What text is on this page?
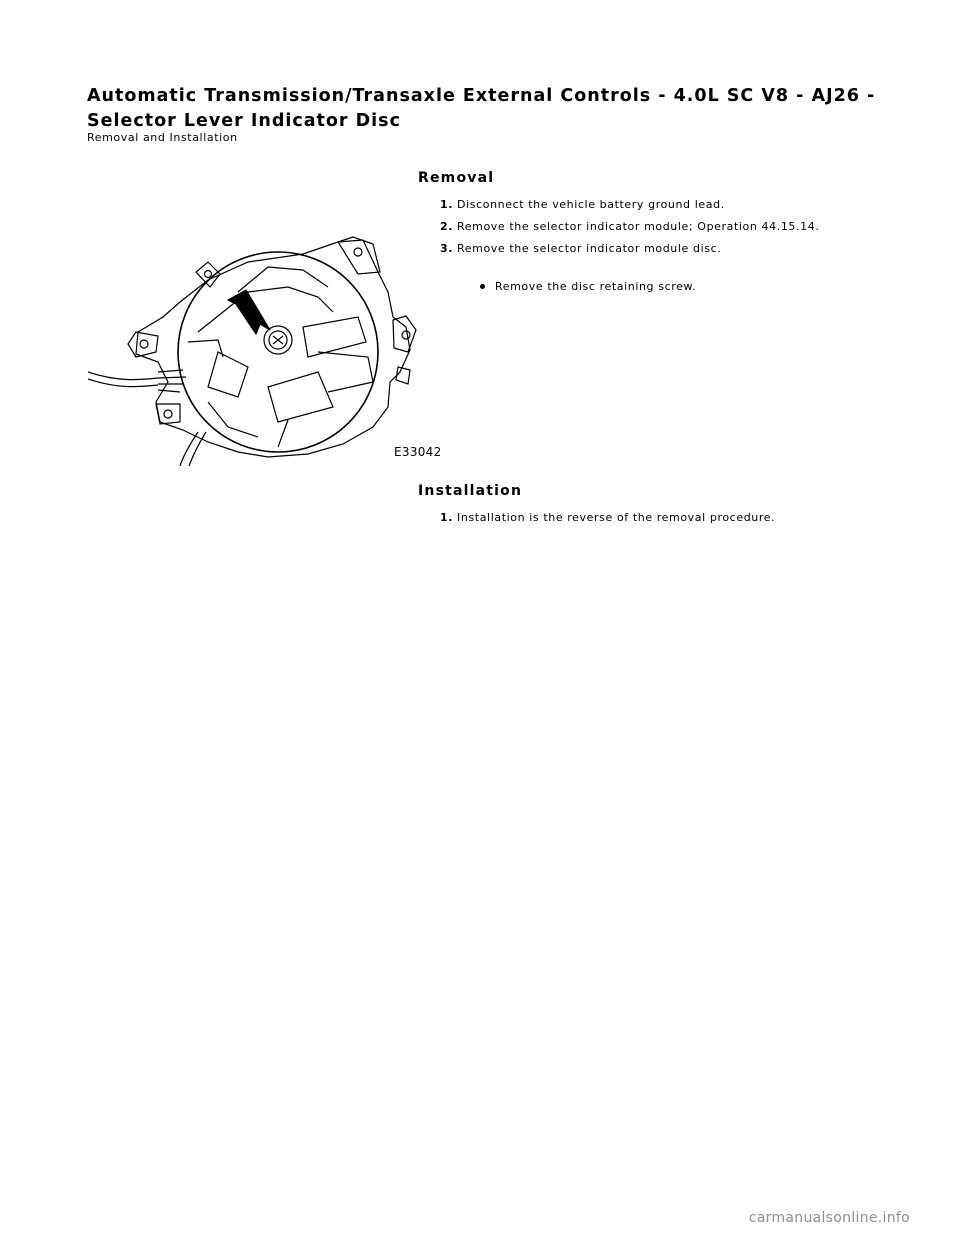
Automatic Transmission/Transaxle External Controls - 4.0L SC V8 - AJ26 - Selector Lever Indicator Disc
Removal and Installation
Removal
1. Disconnect the vehicle battery ground lead.
2. Remove the selector indicator module; Operation 44.15.14.
3. Remove the selector indicator module disc.
Remove the disc retaining screw.
E33042
Installation
1. Installation is the reverse of the removal procedure.
carmanualsonline.info
